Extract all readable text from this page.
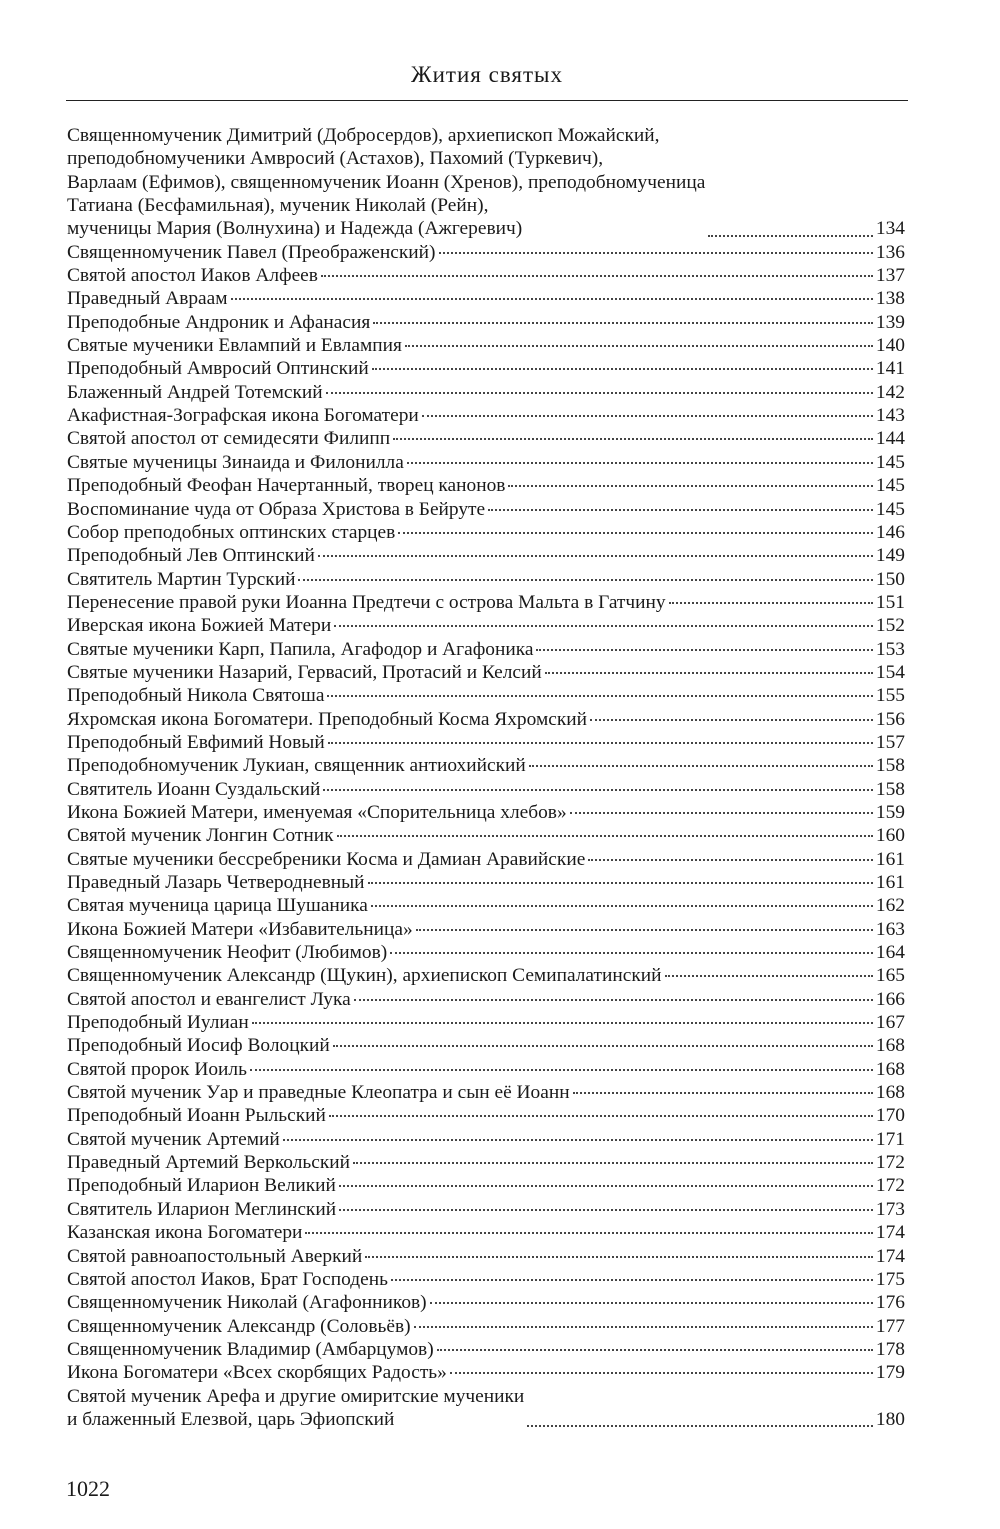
Жития святых
Священномученик Димитрий (Добросердов), архиепископ Можайский,
преподобномученики Амвросий (Астахов), Пахомий (Туркевич),
Варлаам (Ефимов), священномученик Иоанн (Хренов), преподобномученица
Татиана (Бесфамильная), мученик Николай (Рейн),
мученицы Мария (Волнухина) и Надежда (Ажгеревич)	134
Священномученик Павел (Преображенский)	136
Святой апостол Иаков Алфеев	137
Праведный Авраам	138
Преподобные Андроник и Афанасия	139
Святые мученики Евлампий и Евлампия	140
Преподобный Амвросий Оптинский	141
Блаженный Андрей Тотемский	142
Акафистная-Зографская икона Богоматери	143
Святой апостол от семидесяти Филипп	144
Святые мученицы Зинаида и Филонилла	145
Преподобный Феофан Начертанный, творец канонов	145
Воспоминание чуда от Образа Христова в Бейруте	145
Собор преподобных оптинских старцев	146
Преподобный Лев Оптинский	149
Святитель Мартин Турский	150
Перенесение правой руки Иоанна Предтечи с острова Мальта в Гатчину	151
Иверская икона Божией Матери	152
Святые мученики Карп, Папила, Агафодор и Агафоника	153
Святые мученики Назарий, Гервасий, Протасий и Келсий	154
Преподобный Никола Святоша	155
Яхромская икона Богоматери. Преподобный Косма Яхромский	156
Преподобный Евфимий Новый	157
Преподобномученик Лукиан, священник антиохийский	158
Святитель Иоанн Суздальский	158
Икона Божией Матери, именуемая «Спорительница хлебов»	159
Святой мученик Лонгин Сотник	160
Святые мученики бессребреники Косма и Дамиан Аравийские	161
Праведный Лазарь Четверодневный	161
Святая мученица царица Шушаника	162
Икона Божией Матери «Избавительница»	163
Священномученик Неофит (Любимов)	164
Священномученик Александр (Щукин), архиепископ Семипалатинский	165
Святой апостол и евангелист Лука	166
Преподобный Иулиан	167
Преподобный Иосиф Волоцкий	168
Святой пророк Иоиль	168
Святой мученик Уар и праведные Клеопатра и сын её Иоанн	168
Преподобный Иоанн Рыльский	170
Святой мученик Артемий	171
Праведный Артемий Веркольский	172
Преподобный Иларион Великий	172
Святитель Иларион Меглинский	173
Казанская икона Богоматери	174
Святой равноапостольный Аверкий	174
Святой апостол Иаков, Брат Господень	175
Священномученик Николай (Агафонников)	176
Священномученик Александр (Соловьёв)	177
Священномученик Владимир (Амбарцумов)	178
Икона Богоматери «Всех скорбящих Радость»	179
Святой мученик Арефа и другие омиритские мученики
и блаженный Елезвой, царь Эфиопский	180
1022
